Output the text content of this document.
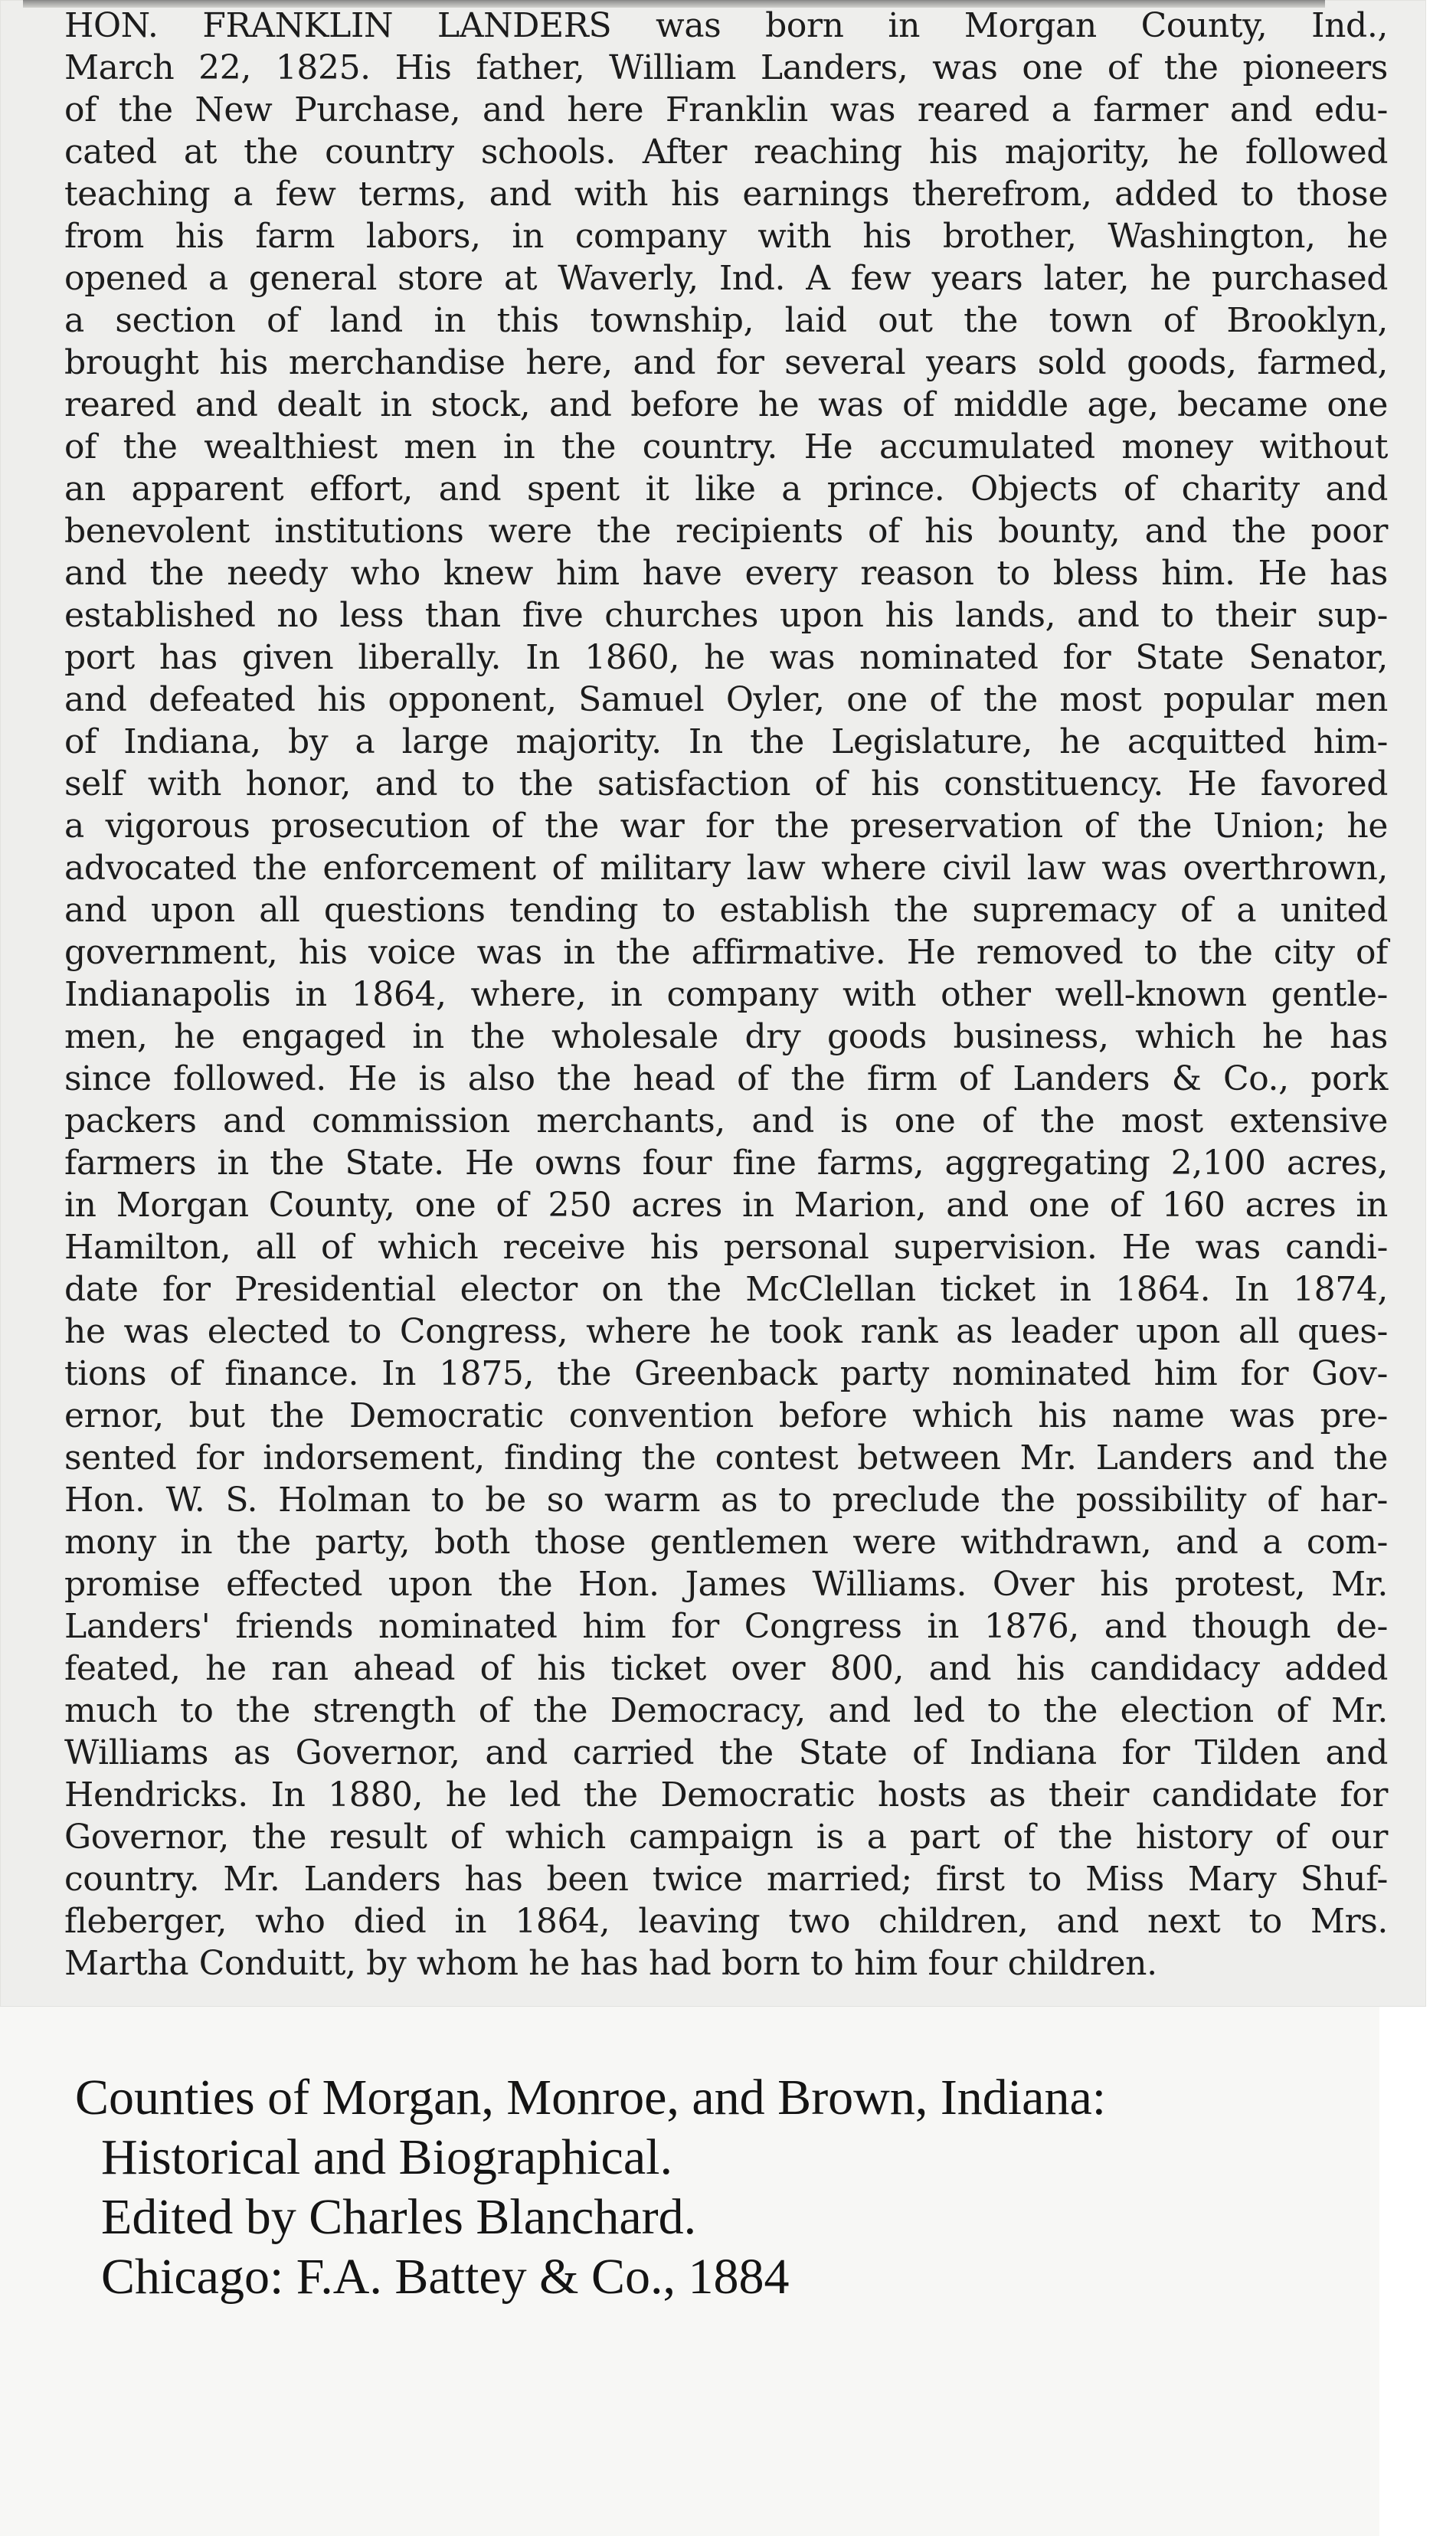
HON. FRANKLIN LANDERS was born in Morgan County, Ind.,
March 22, 1825. His father, William Landers, was one of the pioneers
of the New Purchase, and here Franklin was reared a farmer and edu-
cated at the country schools. After reaching his majority, he followed
teaching a few terms, and with his earnings therefrom, added to those
from his farm labors, in company with his brother, Washington, he
opened a general store at Waverly, Ind. A few years later, he purchased
a section of land in this township, laid out the town of Brooklyn,
brought his merchandise here, and for several years sold goods, farmed,
reared and dealt in stock, and before he was of middle age, became one
of the wealthiest men in the country. He accumulated money without
an apparent effort, and spent it like a prince. Objects of charity and
benevolent institutions were the recipients of his bounty, and the poor
and the needy who knew him have every reason to bless him. He has
established no less than five churches upon his lands, and to their sup-
port has given liberally. In 1860, he was nominated for State Senator,
and defeated his opponent, Samuel Oyler, one of the most popular men
of Indiana, by a large majority. In the Legislature, he acquitted him-
self with honor, and to the satisfaction of his constituency. He favored
a vigorous prosecution of the war for the preservation of the Union; he
advocated the enforcement of military law where civil law was overthrown,
and upon all questions tending to establish the supremacy of a united
government, his voice was in the affirmative. He removed to the city of
Indianapolis in 1864, where, in company with other well-known gentle-
men, he engaged in the wholesale dry goods business, which he has
since followed. He is also the head of the firm of Landers & Co., pork
packers and commission merchants, and is one of the most extensive
farmers in the State. He owns four fine farms, aggregating 2,100 acres,
in Morgan County, one of 250 acres in Marion, and one of 160 acres in
Hamilton, all of which receive his personal supervision. He was candi-
date for Presidential elector on the McClellan ticket in 1864. In 1874,
he was elected to Congress, where he took rank as leader upon all ques-
tions of finance. In 1875, the Greenback party nominated him for Gov-
ernor, but the Democratic convention before which his name was pre-
sented for indorsement, finding the contest between Mr. Landers and the
Hon. W. S. Holman to be so warm as to preclude the possibility of har-
mony in the party, both those gentlemen were withdrawn, and a com-
promise effected upon the Hon. James Williams. Over his protest, Mr.
Landers' friends nominated him for Congress in 1876, and though de-
feated, he ran ahead of his ticket over 800, and his candidacy added
much to the strength of the Democracy, and led to the election of Mr.
Williams as Governor, and carried the State of Indiana for Tilden and
Hendricks. In 1880, he led the Democratic hosts as their candidate for
Governor, the result of which campaign is a part of the history of our
country. Mr. Landers has been twice married; first to Miss Mary Shuf-
fleberger, who died in 1864, leaving two children, and next to Mrs.
Martha Conduitt, by whom he has had born to him four children.
Counties of Morgan, Monroe, and Brown, Indiana:
Historical and Biographical.
Edited by Charles Blanchard.
Chicago: F.A. Battey & Co., 1884
